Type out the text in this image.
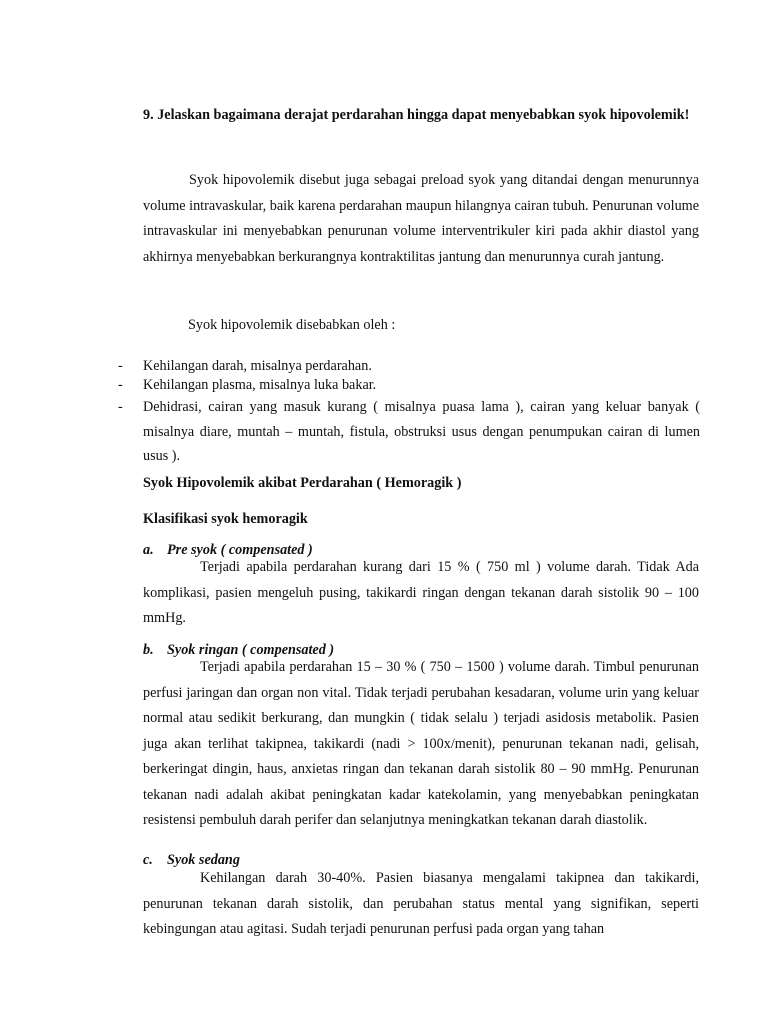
9. Jelaskan bagaimana derajat perdarahan hingga dapat menyebabkan syok hipovolemik!
Syok hipovolemik disebut juga sebagai preload syok yang ditandai dengan menurunnya volume intravaskular, baik karena perdarahan maupun hilangnya cairan tubuh. Penurunan volume intravaskular ini menyebabkan penurunan volume interventrikuler kiri pada akhir diastol yang akhirnya menyebabkan berkurangnya kontraktilitas jantung dan menurunnya curah jantung.
Syok hipovolemik disebabkan oleh :
- Kehilangan darah, misalnya perdarahan.
- Kehilangan plasma, misalnya luka bakar.
- Dehidrasi, cairan yang masuk kurang ( misalnya puasa lama ), cairan yang keluar banyak ( misalnya diare, muntah – muntah, fistula, obstruksi usus dengan penumpukan cairan di lumen usus ).
Syok Hipovolemik akibat Perdarahan ( Hemoragik )
Klasifikasi syok hemoragik
a. Pre syok ( compensated )
Terjadi apabila perdarahan kurang dari 15 % ( 750 ml ) volume darah. Tidak Ada komplikasi, pasien mengeluh pusing, takikardi ringan dengan tekanan darah sistolik 90 – 100 mmHg.
b. Syok ringan ( compensated )
Terjadi apabila perdarahan 15 – 30 % ( 750 – 1500 ) volume darah. Timbul penurunan perfusi jaringan dan organ non vital. Tidak terjadi perubahan kesadaran, volume urin yang keluar normal atau sedikit berkurang, dan mungkin ( tidak selalu ) terjadi asidosis metabolik. Pasien juga akan terlihat takipnea, takikardi (nadi > 100x/menit), penurunan tekanan nadi, gelisah, berkeringat dingin, haus, anxietas ringan dan tekanan darah sistolik 80 – 90 mmHg. Penurunan tekanan nadi adalah akibat peningkatan kadar katekolamin, yang menyebabkan peningkatan resistensi pembuluh darah perifer dan selanjutnya meningkatkan tekanan darah diastolik.
c. Syok sedang
Kehilangan darah 30-40%. Pasien biasanya mengalami takipnea dan takikardi, penurunan tekanan darah sistolik, dan perubahan status mental yang signifikan, seperti kebingungan atau agitasi. Sudah terjadi penurunan perfusi pada organ yang tahan
